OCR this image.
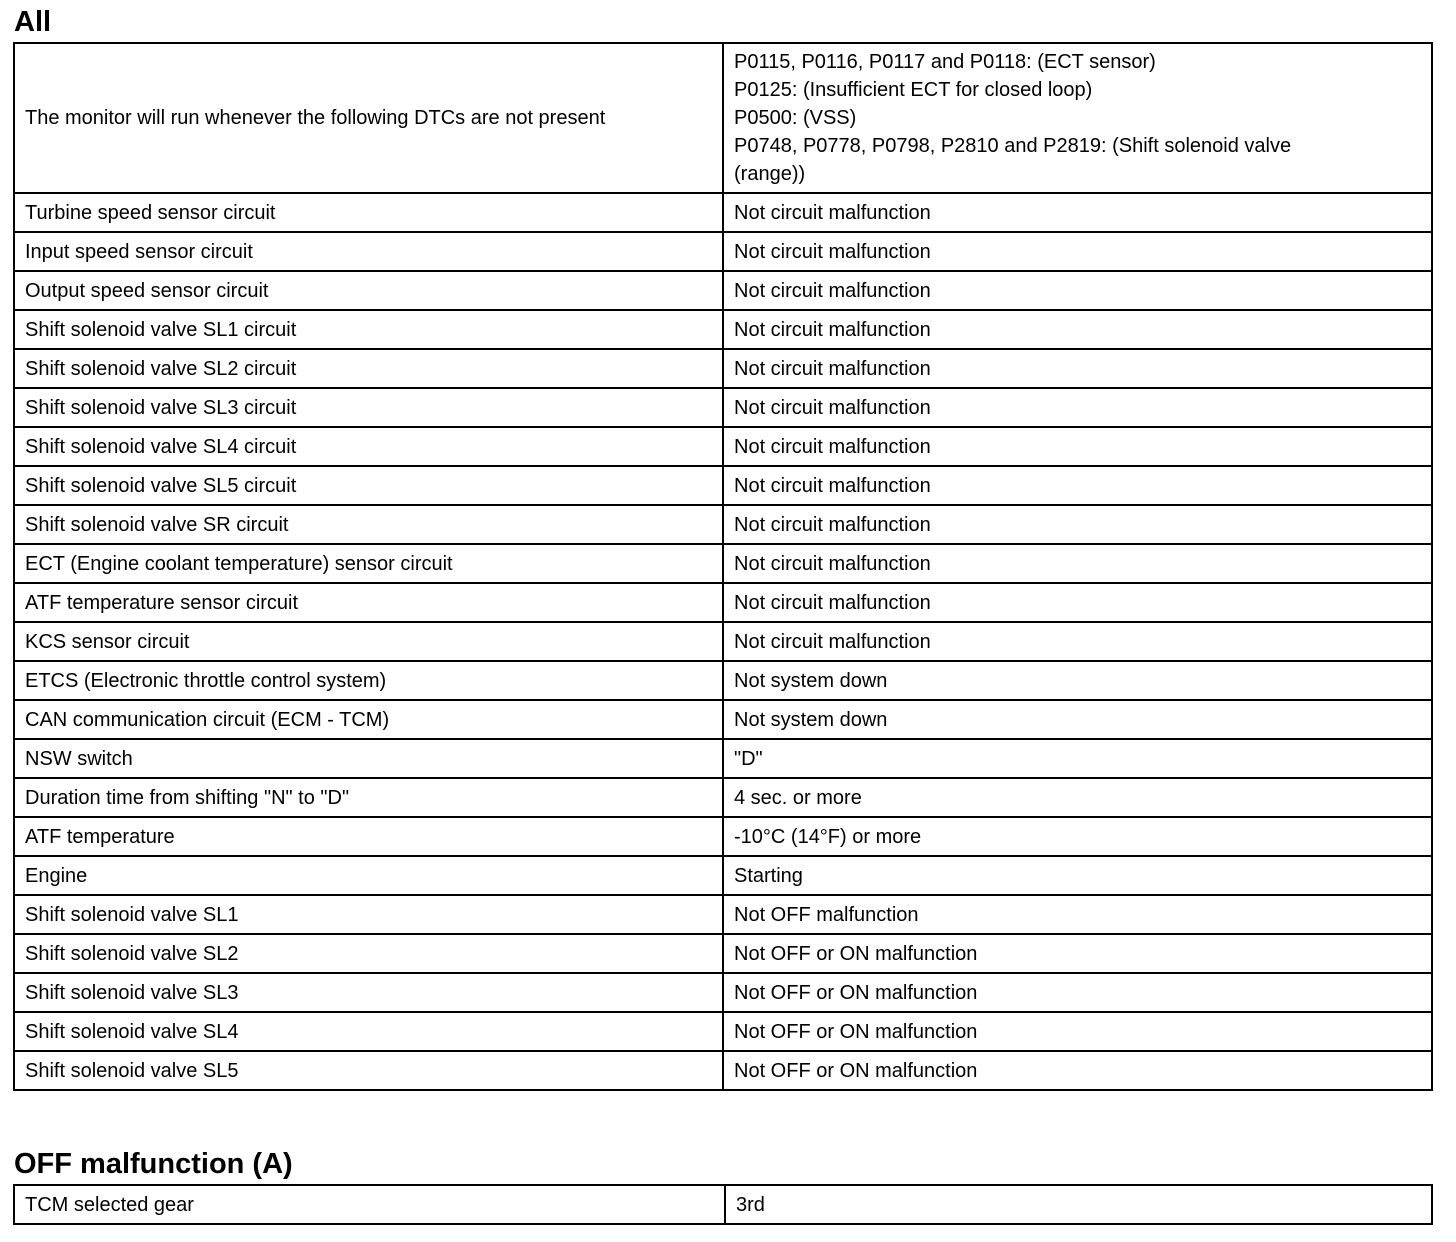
All
The monitor will run whenever the following DTCs are not present	P0115, P0116, P0117 and P0118: (ECT sensor)
P0125: (Insufficient ECT for closed loop)
P0500: (VSS)
P0748, P0778, P0798, P2810 and P2819: (Shift solenoid valve
(range))

Turbine speed sensor circuit	Not circuit malfunction
Input speed sensor circuit	Not circuit malfunction
Output speed sensor circuit	Not circuit malfunction
Shift solenoid valve SL1 circuit	Not circuit malfunction
Shift solenoid valve SL2 circuit	Not circuit malfunction
Shift solenoid valve SL3 circuit	Not circuit malfunction
Shift solenoid valve SL4 circuit	Not circuit malfunction
Shift solenoid valve SL5 circuit	Not circuit malfunction
Shift solenoid valve SR circuit	Not circuit malfunction
ECT (Engine coolant temperature) sensor circuit	Not circuit malfunction
ATF temperature sensor circuit	Not circuit malfunction
KCS sensor circuit	Not circuit malfunction
ETCS (Electronic throttle control system)	Not system down
CAN communication circuit (ECM - TCM)	Not system down
NSW switch	"D"
Duration time from shifting "N" to "D"	4 sec. or more
ATF temperature	-10°C (14°F) or more
Engine	Starting
Shift solenoid valve SL1	Not OFF malfunction
Shift solenoid valve SL2	Not OFF or ON malfunction
Shift solenoid valve SL3	Not OFF or ON malfunction
Shift solenoid valve SL4	Not OFF or ON malfunction
Shift solenoid valve SL5	Not OFF or ON malfunction
OFF malfunction (A)
TCM selected gear	3rd
